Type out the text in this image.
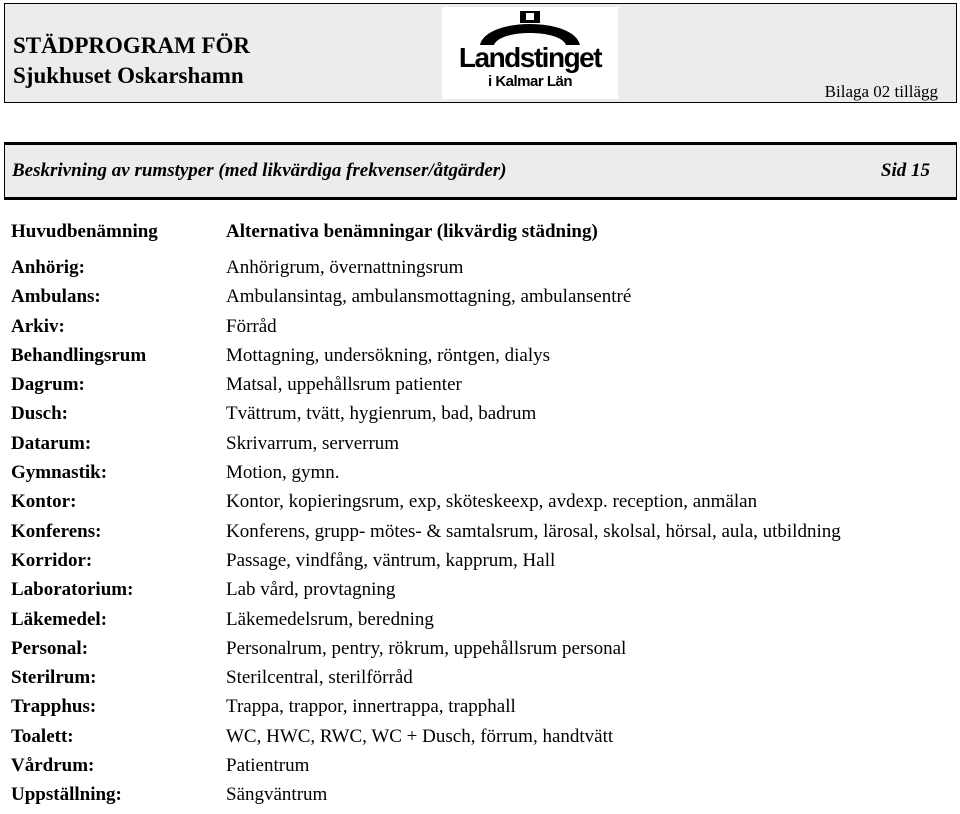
STÄDPROGRAM FÖR
Sjukhuset Oskarshamn
Landstinget
i Kalmar Län
Bilaga 02 tillägg
Beskrivning av rumstyper (med likvärdiga frekvenser/åtgärder)	Sid 15
Huvudbenämning	Alternativa benämningar (likvärdig städning)
Anhörig:	Anhörigrum, övernattningsrum
Ambulans:	Ambulansintag, ambulansmottagning, ambulansentré
Arkiv:	Förråd
Behandlingsrum	Mottagning, undersökning, röntgen, dialys
Dagrum:	Matsal, uppehållsrum patienter
Dusch:	Tvättrum, tvätt, hygienrum, bad, badrum
Datarum:	Skrivarrum, serverrum
Gymnastik:	Motion, gymn.
Kontor:	Kontor, kopieringsrum, exp, sköteskeexp, avdexp. reception, anmälan
Konferens:	Konferens, grupp- mötes- & samtalsrum, lärosal, skolsal, hörsal, aula, utbildning
Korridor:	Passage, vindfång, väntrum, kapprum, Hall
Laboratorium:	Lab vård, provtagning
Läkemedel:	Läkemedelsrum, beredning
Personal:	Personalrum, pentry, rökrum, uppehållsrum personal
Sterilrum:	Sterilcentral, sterilförråd
Trapphus:	Trappa, trappor, innertrappa, trapphall
Toalett:	WC, HWC, RWC, WC + Dusch, förrum, handtvätt
Vårdrum:	Patientrum
Uppställning:	Sängväntrum
